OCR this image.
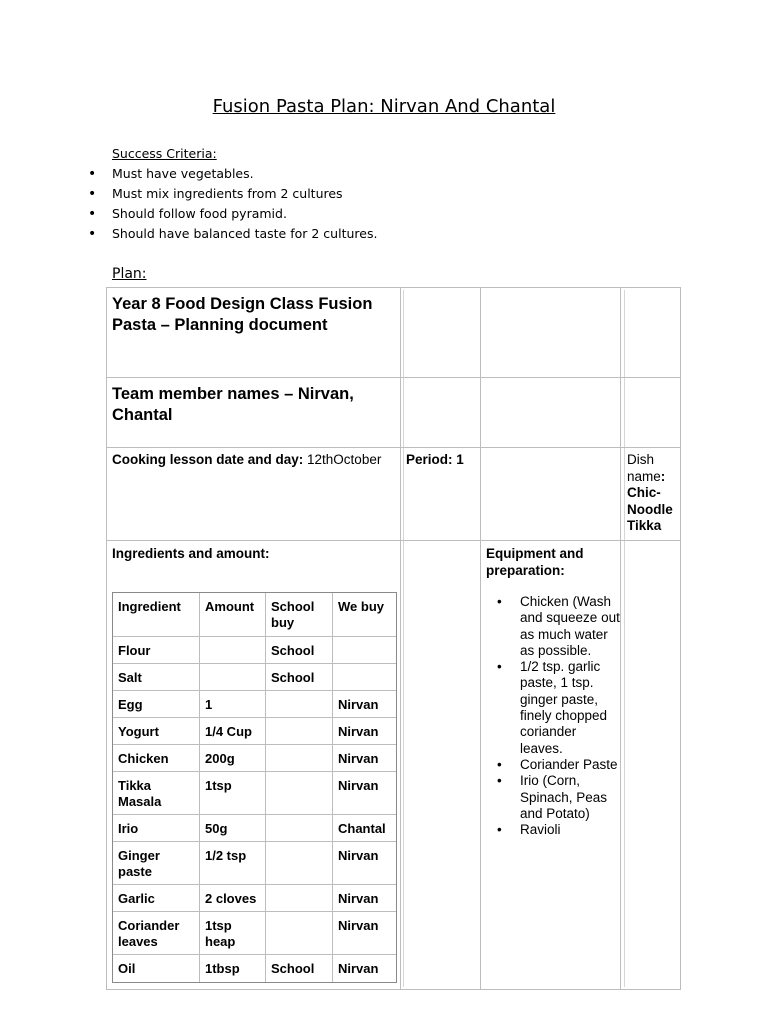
Fusion Pasta Plan: Nirvan And Chantal
Success Criteria:
• Must have vegetables.
• Must mix ingredients from 2 cultures
• Should follow food pyramid.
• Should have balanced taste for 2 cultures.
Plan:
Year 8 Food Design Class Fusion Pasta – Planning document
Team member names – Nirvan, Chantal
Cooking lesson date and day: 12thOctober	Period: 1	Dish name:
Chic-Noodle Tikka
Ingredients and amount:	Equipment and preparation:
Ingredient	Amount	School buy	We buy
Flour		School	
Salt		School	
Egg	1		Nirvan
Yogurt	1/4 Cup		Nirvan
Chicken	200g		Nirvan
Tikka Masala	1tsp		Nirvan
Irio	50g		Chantal
Ginger paste	1/2 tsp		Nirvan
Garlic	2 cloves		Nirvan
Coriander leaves	1tsp heap		Nirvan
Oil	1tbsp	School	Nirvan
• Chicken (Wash and squeeze out as much water as possible.
• 1/2 tsp. garlic paste, 1 tsp. ginger paste, finely chopped coriander leaves.
• Coriander Paste
• Irio (Corn, Spinach, Peas and Potato)
• Ravioli
